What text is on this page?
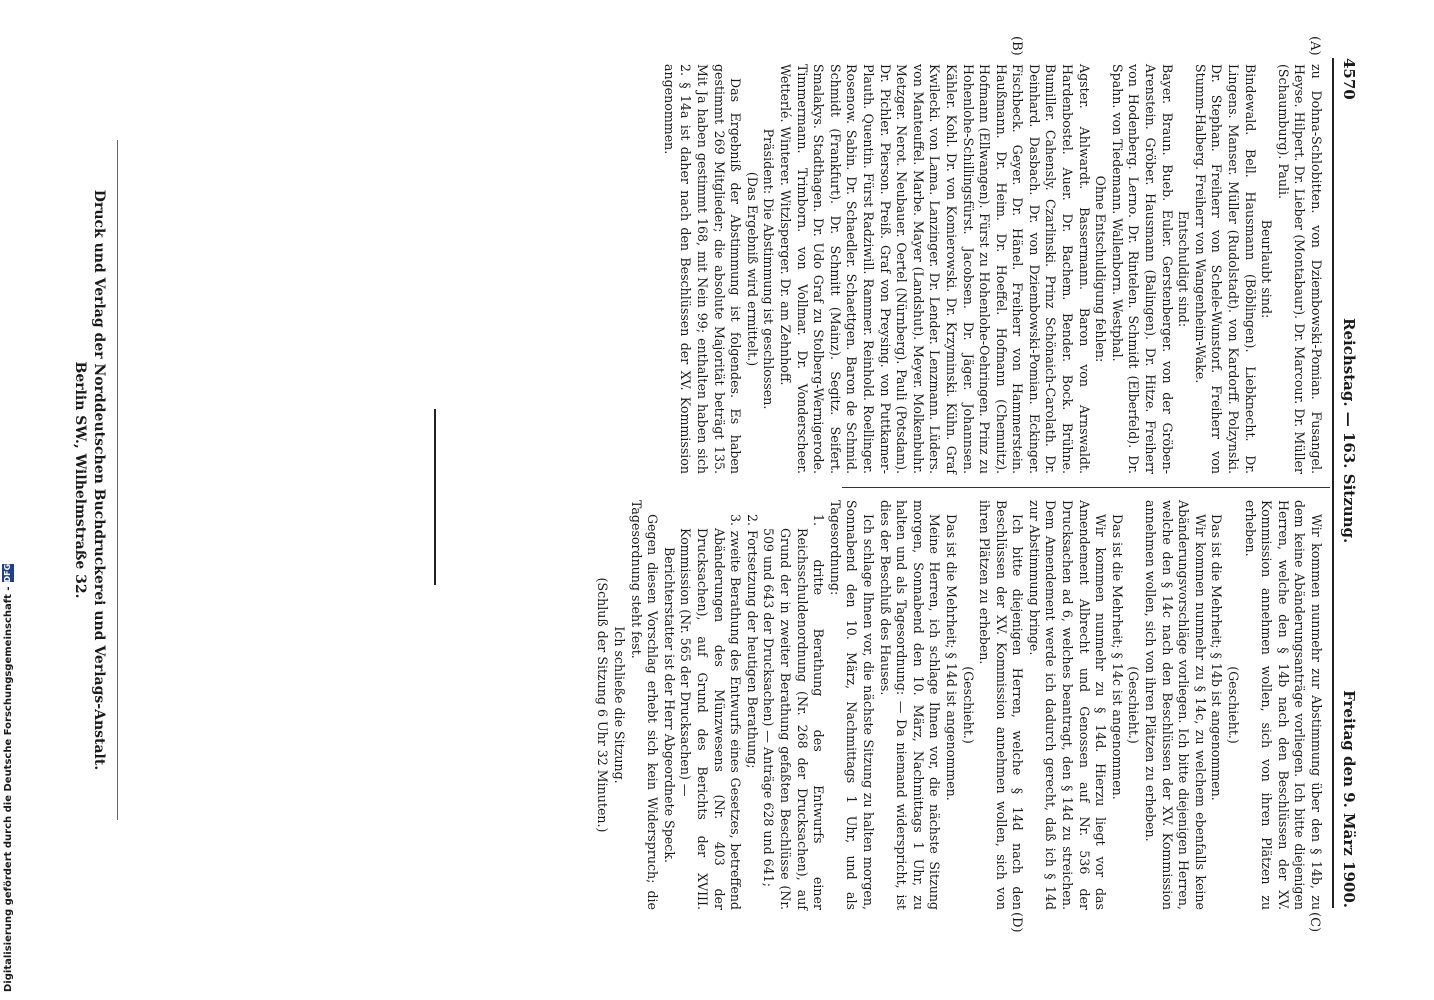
4570
Reichstag. — 163. Sitzung.
Freitag den 9. März 1900.
(A)
(B)
(C)
(D)

zu Dohna-Schlobitten. von Dziembowski-Pomian. Fusangel. Heyse. Hilpert. Dr. Lieber (Montabaur). Dr. Marcour. Dr. Müller (Schaumburg). Pauli.

Beurlaubt sind:

Bindewald. Bell. Hausmann (Böblingen). Liebknecht. Dr. Lingens. Manser. Müller (Rudolstadt). von Kardorff. Polzynski. Dr. Stephan. Freiherr von Schele-Wunstorf. Freiherr von Stumm-Halberg. Freiherr von Wangenheim-Wake.

Entschuldigt sind:

Bayer. Braun. Bueb. Euler. Gerstenberger. von der Gröben-Arenstein. Gröber. Hausmann (Balingen). Dr. Hitze. Freiherr von Hodenberg. Lerno. Dr. Rintelen. Schmidt (Elberfeld). Dr. Spahn. von Tiedemann. Wallenborn. Westphal.

Ohne Entschuldigung fehlen:

Agster. Ahlwardt. Bassermann. Baron von Arnswaldt. Hardenbostel. Auer. Dr. Bachem. Bender. Bock. Brühne. Bumiller. Cahensly. Czarlinski. Prinz Schönaich-Carolath. Dr. Deinhard. Dasbach. Dr. von Dziembowski-Pomian. Eckinger. Fischbeck. Geyer. Dr. Hänel. Freiherr von Hammerstein. Haußmann. Dr. Heim. Dr. Hoeffel. Hofmann (Chemnitz). Hofmann (Ellwangen). Fürst zu Hohenlohe-Oehringen. Prinz zu Hohenlohe-Schillingsfürst. Jacobsen. Dr. Jäger. Johannsen. Kähler. Kohl. Dr. von Komierowski. Dr. Krzyminski. Kühn. Graf Kwilecki. von Lama. Lanzinger. Dr. Lender. Lenzmann. Lüders. von Manteuffel. Marbe. Mayer (Landshut). Meyer. Molkenbuhr. Metzger. Nerot. Neubauer. Oertel (Nürnberg). Pauli (Potsdam). Dr. Pichler. Pierson. Preiß. Graf von Preysing. von Puttkamer-Plauth. Quentin. Fürst Radziwill. Rammer. Reinhold. Roellinger. Rosenow. Sabin. Dr. Schaedler. Schaettgen. Baron de Schmid. Schmidt (Frankfurt). Dr. Schmitt (Mainz). Segitz. Seifert. Smalakys. Stadthagen. Dr. Udo Graf zu Stolberg-Wernigerode. Timmermann. Trimborn. von Vollmar. Dr. Vonderscheer. Wetterlé. Winterer. Witzlsperger. Dr. am Zehnhoff.

Präsident: Die Abstimmung ist geschlossen.

(Das Ergebniß wird ermittelt.)

Das Ergebniß der Abstimmung ist folgendes. Es haben gestimmt 269 Mitglieder; die absolute Majorität beträgt 135. Mit Ja haben gestimmt 168, mit Nein 99; enthalten haben sich 2. § 14a ist daher nach den Beschlüssen der XV. Kommission angenommen.

Wir kommen nunmehr zur Abstimmung über den § 14b, zu dem keine Abänderungsanträge vorliegen. Ich bitte diejenigen Herren, welche den § 14b nach den Beschlüssen der XV. Kommission annehmen wollen, sich von ihren Plätzen zu erheben.

(Geschieht.)

Das ist die Mehrheit; § 14b ist angenommen.

Wir kommen nunmehr zu § 14c, zu welchem ebenfalls keine Abänderungsvorschläge vorliegen. Ich bitte diejenigen Herren, welche den § 14c nach den Beschlüssen der XV. Kommission annehmen wollen, sich von ihren Plätzen zu erheben.

(Geschieht.)

Das ist die Mehrheit; § 14c ist angenommen.

Wir kommen nunmehr zu § 14d. Hierzu liegt vor das Amendement Albrecht und Genossen auf Nr. 536 der Drucksachen ad 6, welches beantragt, den § 14d zu streichen. Dem Amendement werde ich dadurch gerecht, daß ich § 14d zur Abstimmung bringe.

Ich bitte diejenigen Herren, welche § 14d nach den Beschlüssen der XV. Kommission annehmen wollen, sich von ihren Plätzen zu erheben.

(Geschieht.)

Das ist die Mehrheit; § 14d ist angenommen.

Meine Herren, ich schlage Ihnen vor, die nächste Sitzung morgen, Sonnabend den 10. März, Nachmittags 1 Uhr, zu halten und als Tagesordnung: — Da niemand widerspricht, ist dies der Beschluß des Hauses.

Ich schlage Ihnen vor, die nächste Sitzung zu halten morgen, Sonnabend den 10. März, Nachmittags 1 Uhr, und als Tagesordnung:

1. dritte Berathung des Entwurfs einer Reichsschuldenordnung (Nr. 268 der Drucksachen), auf Grund der in zweiter Berathung gefaßten Beschlüsse (Nr. 509 und 643 der Drucksachen) — Anträge 628 und 641;

2. Fortsetzung der heutigen Berathung;

3. zweite Berathung des Entwurfs eines Gesetzes, betreffend Abänderungen des Münzwesens (Nr. 403 der Drucksachen), auf Grund des Berichts der XVIII. Kommission (Nr. 565 der Drucksachen) —

Berichterstatter ist der Herr Abgeordnete Speck.

Gegen diesen Vorschlag erhebt sich kein Widerspruch; die Tagesordnung steht fest.

Ich schließe die Sitzung.

(Schluß der Sitzung 6 Uhr 32 Minuten.)

Druck und Verlag der Norddeutschen Buchdruckerei und Verlags-Anstalt.
Berlin SW., Wilhelmstraße 32.
Digitalisierung gefördert durch die Deutsche Forschungsgemeinschaft -
DFG
